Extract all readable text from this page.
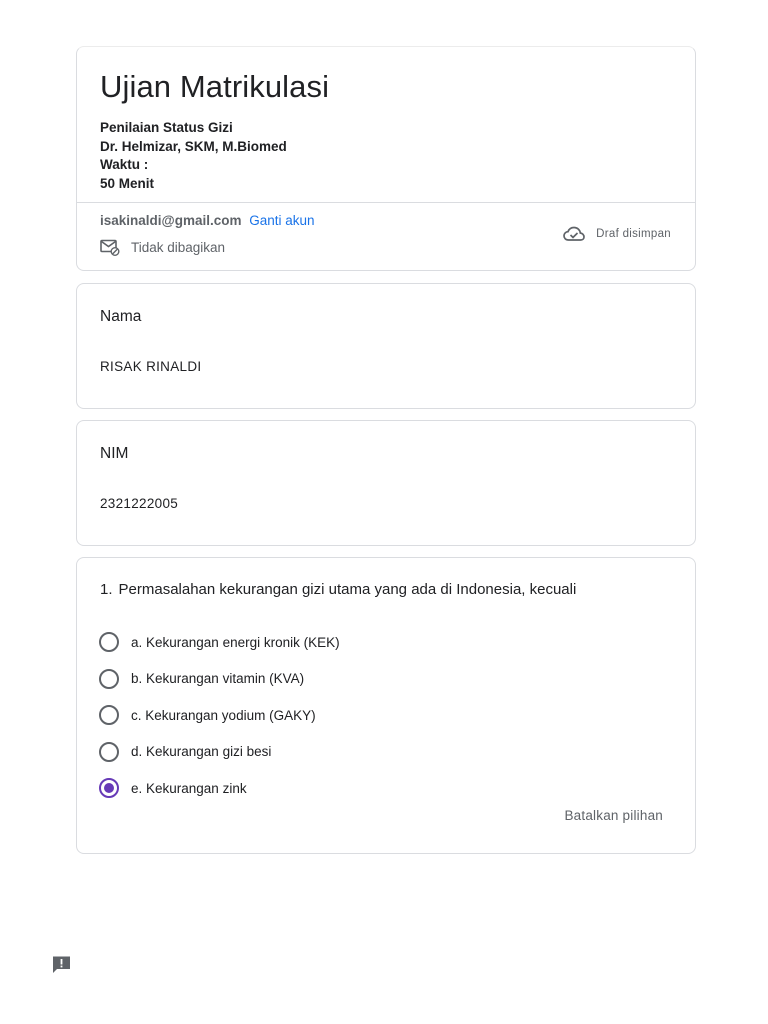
Ujian Matrikulasi
Penilaian Status Gizi
Dr. Helmizar, SKM, M.Biomed
Waktu :
50 Menit
isakinaldi@gmail.com Ganti akun
Tidak dibagikan
Draf disimpan
Nama
RISAK RINALDI
NIM
2321222005
1. Permasalahan kekurangan gizi utama yang ada di Indonesia, kecuali
a. Kekurangan energi kronik (KEK)
b. Kekurangan vitamin (KVA)
c. Kekurangan yodium (GAKY)
d. Kekurangan gizi besi
e. Kekurangan zink
Batalkan pilihan
